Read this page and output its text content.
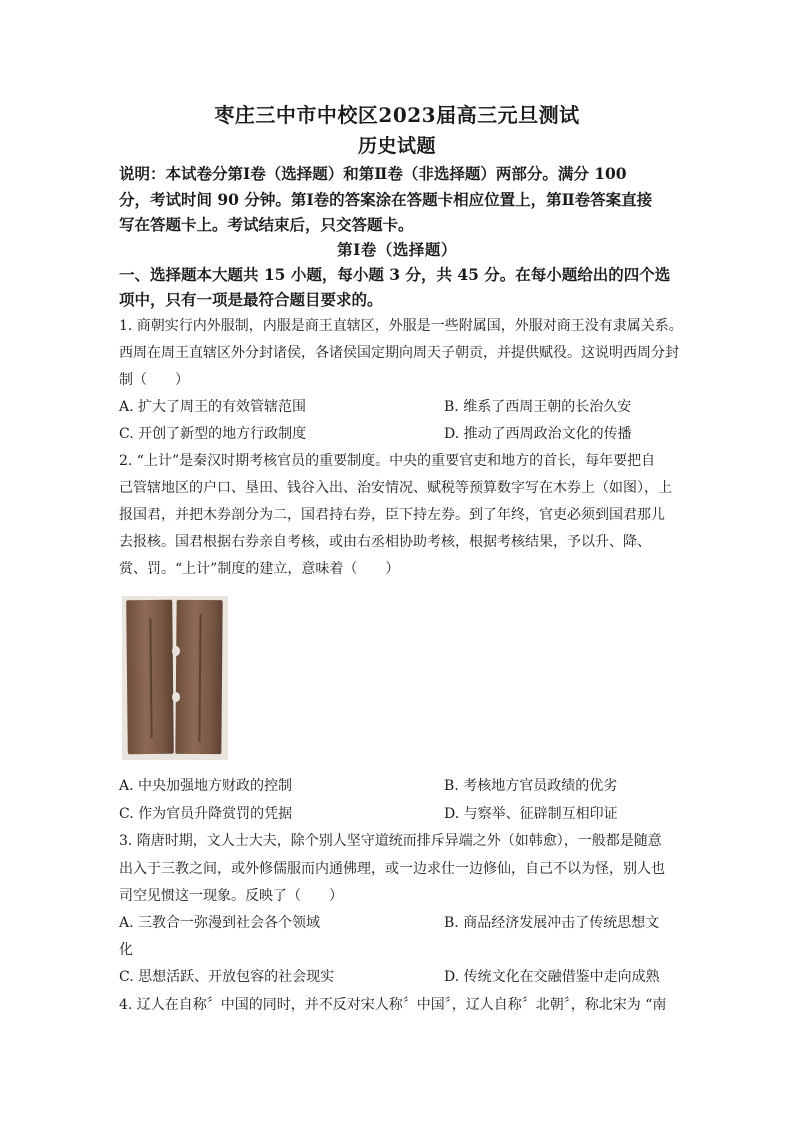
枣庄三中市中校区2023届高三元旦测试
历史试题
说明：本试卷分第Ⅰ卷（选择题）和第Ⅱ卷（非选择题）两部分。满分 100
分，考试时间 90 分钟。第Ⅰ卷的答案涂在答题卡相应位置上，第Ⅱ卷答案直接
写在答题卡上。考试结束后，只交答题卡。
第Ⅰ卷（选择题）
一、选择题本大题共 15 小题，每小题 3 分，共 45 分。在每小题给出的四个选
项中，只有一项是最符合题目要求的。
1. 商朝实行内外服制，内服是商王直辖区，外服是一些附属国，外服对商王没有隶属关系。
西周在周王直辖区外分封诸侯，各诸侯国定期向周天子朝贡，并提供赋役。这说明西周分封
制（　　）
A. 扩大了周王的有效管辖范围	B. 维系了西周王朝的长治久安
C. 开创了新型的地方行政制度	D. 推动了西周政治文化的传播
2. “上计”是秦汉时期考核官员的重要制度。中央的重要官吏和地方的首长，每年要把自
己管辖地区的户口、垦田、钱谷入出、治安情况、赋税等预算数字写在木券上（如图），上
报国君，并把木券剖分为二，国君持右券，臣下持左券。到了年终，官吏必须到国君那儿
去报核。国君根据右券亲自考核，或由右丞相协助考核，根据考核结果，予以升、降、
赏、罚。“上计”制度的建立，意味着（　　）
A. 中央加强地方财政的控制	B. 考核地方官员政绩的优劣
C. 作为官员升降赏罚的凭据	D. 与察举、征辟制互相印证
3. 隋唐时期，文人士大夫，除个别人坚守道统而排斥异端之外（如韩愈），一般都是随意
出入于三教之间，或外修儒服而内通佛理，或一边求仕一边修仙，自己不以为怪，别人也
司空见惯这一现象。反映了（　　）
A. 三教合一弥漫到社会各个领域	B. 商品经济发展冲击了传统思想文
化
C. 思想活跃、开放包容的社会现实	D. 传统文化在交融借鉴中走向成熟
4. 辽人在自称〞中国的同时，并不反对宋人称〞中国〞，辽人自称〞北朝〞，称北宋为 “南
